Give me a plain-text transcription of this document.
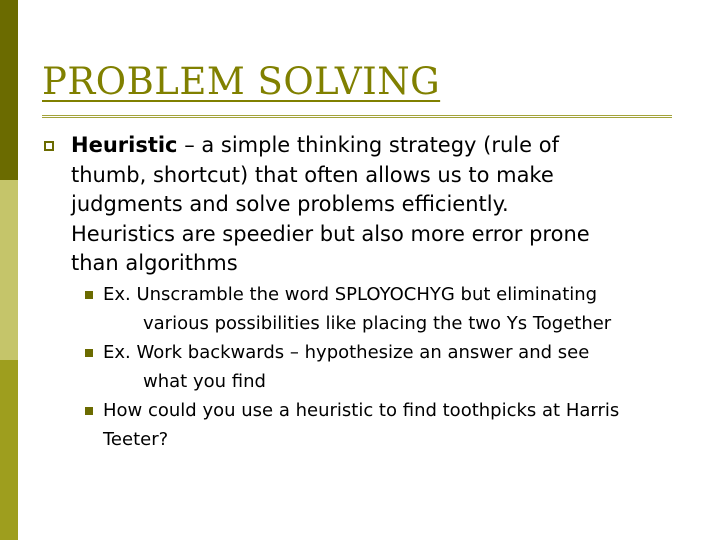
PROBLEM SOLVING
Heuristic – a simple thinking strategy (rule of
thumb, shortcut) that often allows us to make
judgments and solve problems efficiently.
Heuristics are speedier but also more error prone
than algorithms
Ex. Unscramble the word SPLOYOCHYG but eliminating
various possibilities like placing the two Ys Together
Ex. Work backwards – hypothesize an answer and see
what you find
How could you use a heuristic to find toothpicks at Harris
Teeter?
